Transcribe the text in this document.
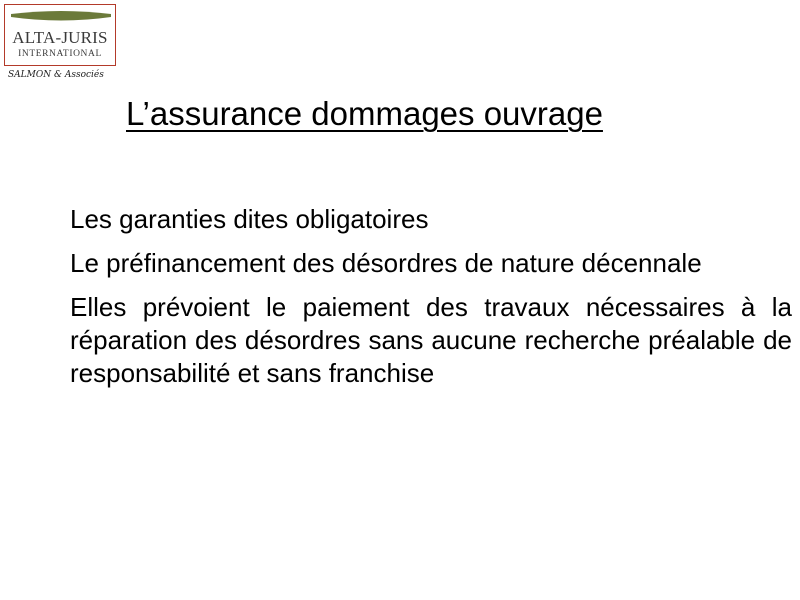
ALTA-JURIS
INTERNATIONAL
SALMON & Associés
L’assurance dommages ouvrage

Les garanties dites obligatoires

Le préfinancement des désordres de nature décennale

Elles prévoient le paiement des travaux nécessaires à la réparation des désordres sans aucune recherche préalable de responsabilité et sans franchise
